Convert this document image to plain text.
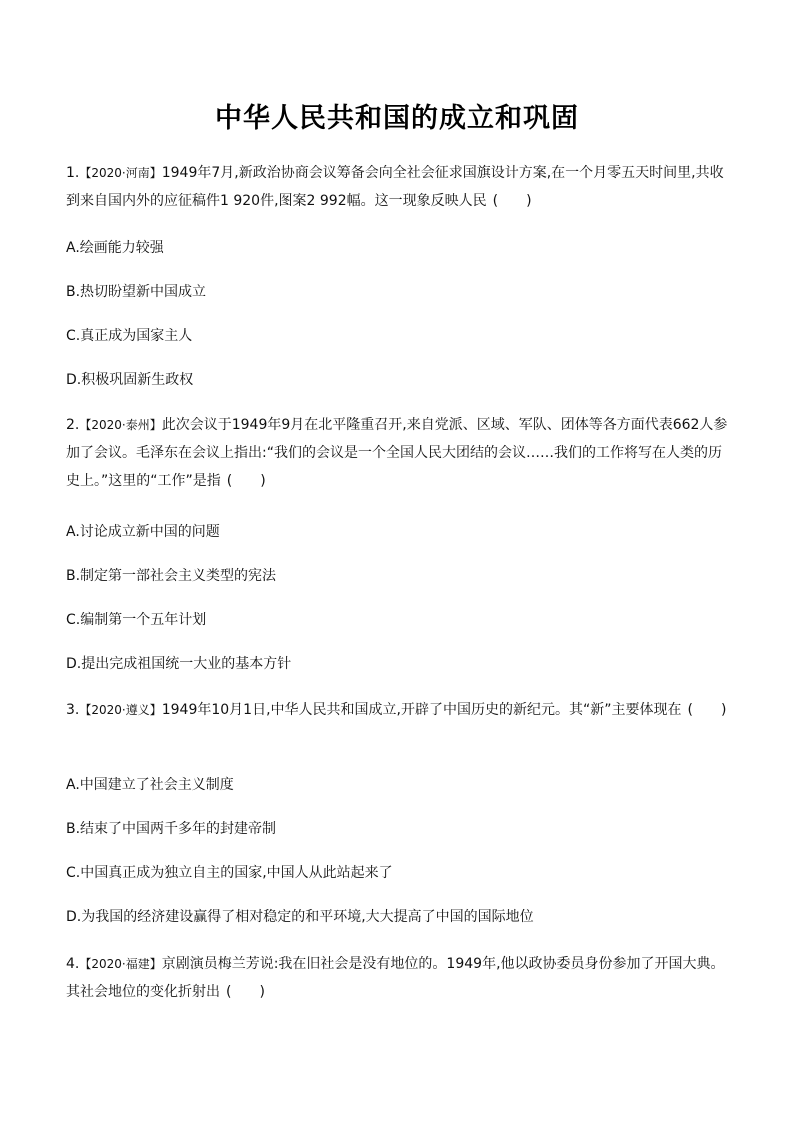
中华人民共和国的成立和巩固
1.【2020·河南】1949年7月,新政治协商会议筹备会向全社会征求国旗设计方案,在一个月零五天时间里,共收到来自国内外的应征稿件1 920件,图案2 992幅。这一现象反映人民 (　　)
A.绘画能力较强
B.热切盼望新中国成立
C.真正成为国家主人
D.积极巩固新生政权
2.【2020·泰州】此次会议于1949年9月在北平隆重召开,来自党派、区域、军队、团体等各方面代表662人参加了会议。毛泽东在会议上指出:“我们的会议是一个全国人民大团结的会议……我们的工作将写在人类的历史上。”这里的“工作”是指 (　　)
A.讨论成立新中国的问题
B.制定第一部社会主义类型的宪法
C.编制第一个五年计划
D.提出完成祖国统一大业的基本方针
3.【2020·遵义】1949年10月1日,中华人民共和国成立,开辟了中国历史的新纪元。其“新”主要体现在 (　　)
A.中国建立了社会主义制度
B.结束了中国两千多年的封建帝制
C.中国真正成为独立自主的国家,中国人从此站起来了
D.为我国的经济建设赢得了相对稳定的和平环境,大大提高了中国的国际地位
4.【2020·福建】京剧演员梅兰芳说:我在旧社会是没有地位的。1949年,他以政协委员身份参加了开国大典。其社会地位的变化折射出 (　　)
